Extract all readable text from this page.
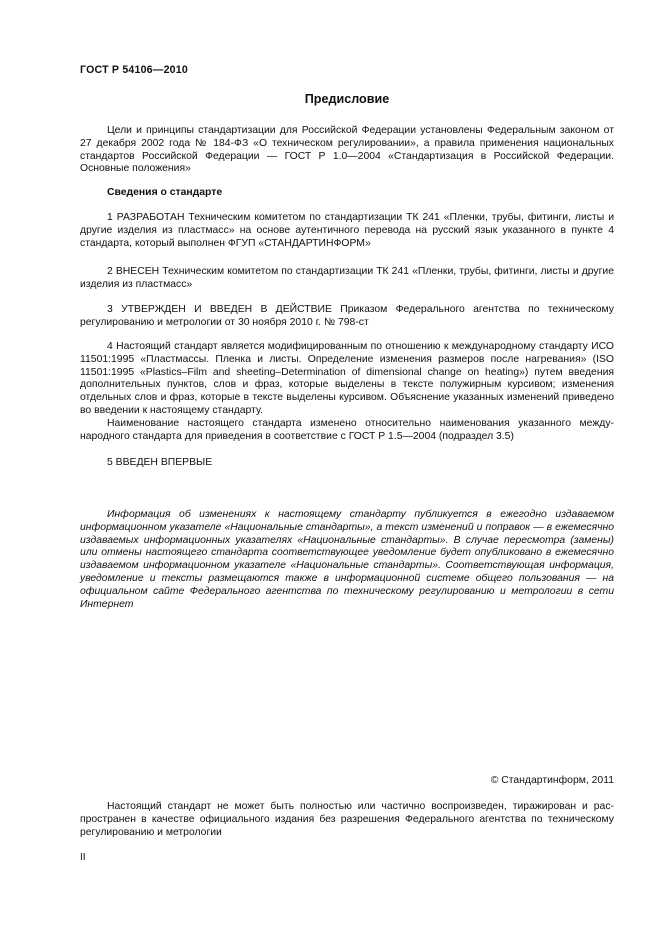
ГОСТ Р 54106—2010
Предисловие

Цели и принципы стандартизации для Российской Федерации установлены Федеральным законом от 27 декабря 2002 года № 184-ФЗ «О техническом регулировании», а правила применения национальных стандартов Российской Федерации — ГОСТ Р 1.0—2004 «Стандартизация в Российской Федерации. Основные положения»

Сведения о стандарте

1 РАЗРАБОТАН Техническим комитетом по стандартизации ТК 241 «Пленки, трубы, фитинги, листы и другие изделия из пластмасс» на основе аутентичного перевода на русский язык указанного в пункте 4 стандарта, который выполнен ФГУП «СТАНДАРТИНФОРМ»

2 ВНЕСЕН Техническим комитетом по стандартизации ТК 241 «Пленки, трубы, фитинги, листы и другие изделия из пластмасс»

3 УТВЕРЖДЕН И ВВЕДЕН В ДЕЙСТВИЕ Приказом Федерального агентства по техническому регулированию и метрологии от 30 ноября 2010 г. № 798-ст

4 Настоящий стандарт является модифицированным по отношению к международному стандарту ИСО 11501:1995 «Пластмассы. Пленка и листы. Определение изменения размеров после нагревания» (ISO 11501:1995 «Plastics–Film and sheeting–Determination of dimensional change on heating») путем введения дополнительных пунктов, слов и фраз, которые выделены в тексте полужирным курсивом; изменения отдельных слов и фраз, которые в тексте выделены курсивом. Объяснение указанных изменений приведено во введении к настоящему стандарту.

Наименование настоящего стандарта изменено относительно наименования указанного международного стандарта для приведения в соответствие с ГОСТ Р 1.5—2004 (подраздел 3.5)

5 ВВЕДЕН ВПЕРВЫЕ

Информация об изменениях к настоящему стандарту публикуется в ежегодно издаваемом информационном указателе «Национальные стандарты», а текст изменений и поправок — в ежемесячно издаваемых информационных указателях «Национальные стандарты». В случае пересмотра (замены) или отмены настоящего стандарта соответствующее уведомление будет опубликовано в ежемесячно издаваемом информационном указателе «Национальные стандарты». Соответствующая информация, уведомление и тексты размещаются также в информационной системе общего пользования — на официальном сайте Федерального агентства по техническому регулированию и метрологии в сети Интернет

© Стандартинформ, 2011

Настоящий стандарт не может быть полностью или частично воспроизведен, тиражирован и распространен в качестве официального издания без разрешения Федерального агентства по техническому регулированию и метрологии

II
